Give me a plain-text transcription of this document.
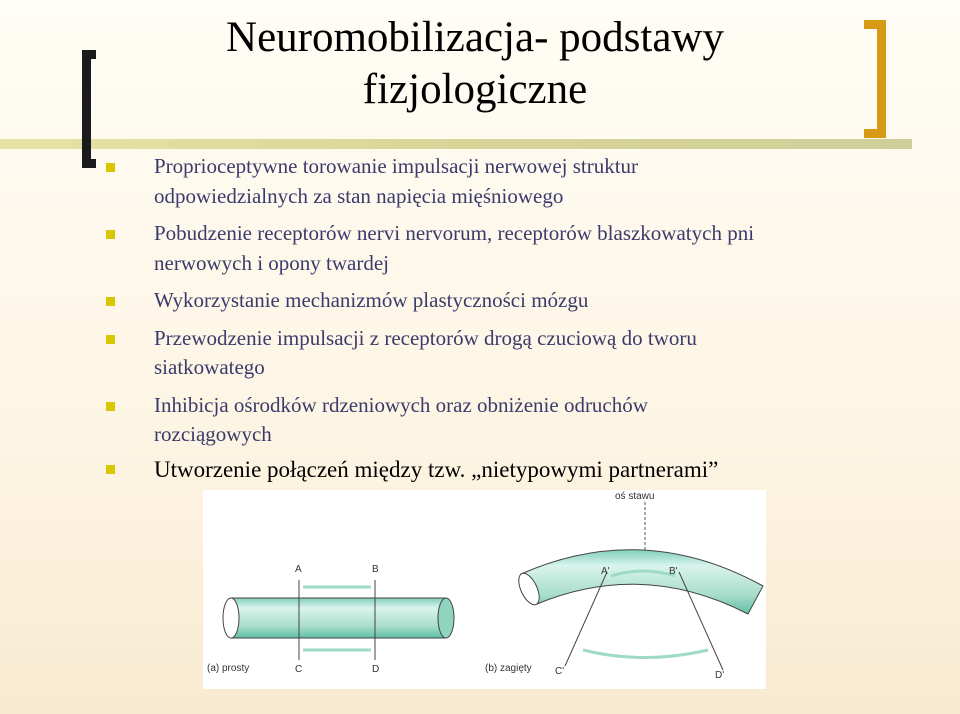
Neuromobilizacja- podstawy
fizjologiczne
Proprioceptywne torowanie impulsacji nerwowej struktur
odpowiedzialnych za stan napięcia mięśniowego
Pobudzenie receptorów nervi nervorum, receptorów blaszkowatych pni
nerwowych i opony twardej
Wykorzystanie mechanizmów plastyczności mózgu
Przewodzenie impulsacji z receptorów drogą czuciową do tworu
siatkowatego
Inhibicja ośrodków rdzeniowych oraz obniżenie odruchów
rozciągowych
Utworzenie połączeń między tzw. „nietypowymi partnerami”
oś stawu
A	B
C	D
(a) prosty
A'	B'
C'	D'
(b) zagięty
